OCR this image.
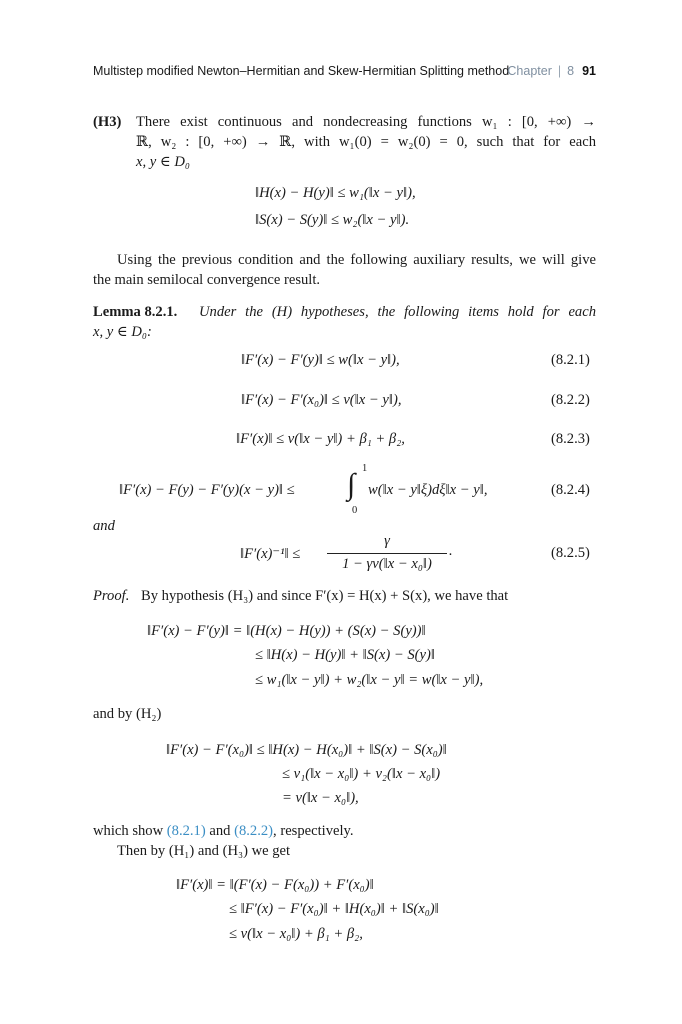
Multistep modified Newton–Hermitian and Skew-Hermitian Splitting method
Chapter | 8 91
(H3) There exist continuous and nondecreasing functions w₁ : [0, +∞) →
ℝ, w₂ : [0, +∞) → ℝ, with w₁(0) = w₂(0) = 0, such that for each
x, y ∈ D₀
‖H(x) − H(y)‖ ≤ w₁(‖x − y‖),
‖S(x) − S(y)‖ ≤ w₂(‖x − y‖).
Using the previous condition and the following auxiliary results, we will give
the main semilocal convergence result.
Lemma 8.2.1. Under the (H) hypotheses, the following items hold for each
x, y ∈ D₀:
‖F′(x) − F′(y)‖ ≤ w(‖x − y‖),	(8.2.1)
‖F′(x) − F′(x₀)‖ ≤ v(‖x − y‖),	(8.2.2)
‖F′(x)‖ ≤ v(‖x − y‖) + β₁ + β₂,	(8.2.3)
‖F′(x) − F(y) − F′(y)(x − y)‖ ≤ ∫ 1
0
w(‖x − y‖ξ)dξ‖x − y‖,	(8.2.4)
and
‖F′(x)⁻¹‖ ≤
γ
1 − γv(‖x − x₀‖)
.	(8.2.5)
Proof. By hypothesis (H₃) and since F′(x) = H(x) + S(x), we have that
‖F′(x) − F′(y)‖ = ‖(H(x) − H(y)) + (S(x) − S(y))‖
≤ ‖H(x) − H(y)‖ + ‖S(x) − S(y)‖
≤ w₁(‖x − y‖) + w₂(‖x − y‖ = w(‖x − y‖),
and by (H₂)
‖F′(x) − F′(x₀)‖ ≤ ‖H(x) − H(x₀)‖ + ‖S(x) − S(x₀)‖
≤ v₁(‖x − x₀‖) + v₂(‖x − x₀‖)
= v(‖x − x₀‖),
which show (8.2.1) and (8.2.2), respectively.
Then by (H₁) and (H₃) we get
‖F′(x)‖ = ‖(F′(x) − F(x₀)) + F′(x₀)‖
≤ ‖F′(x) − F′(x₀)‖ + ‖H(x₀)‖ + ‖S(x₀)‖
≤ v(‖x − x₀‖) + β₁ + β₂,
